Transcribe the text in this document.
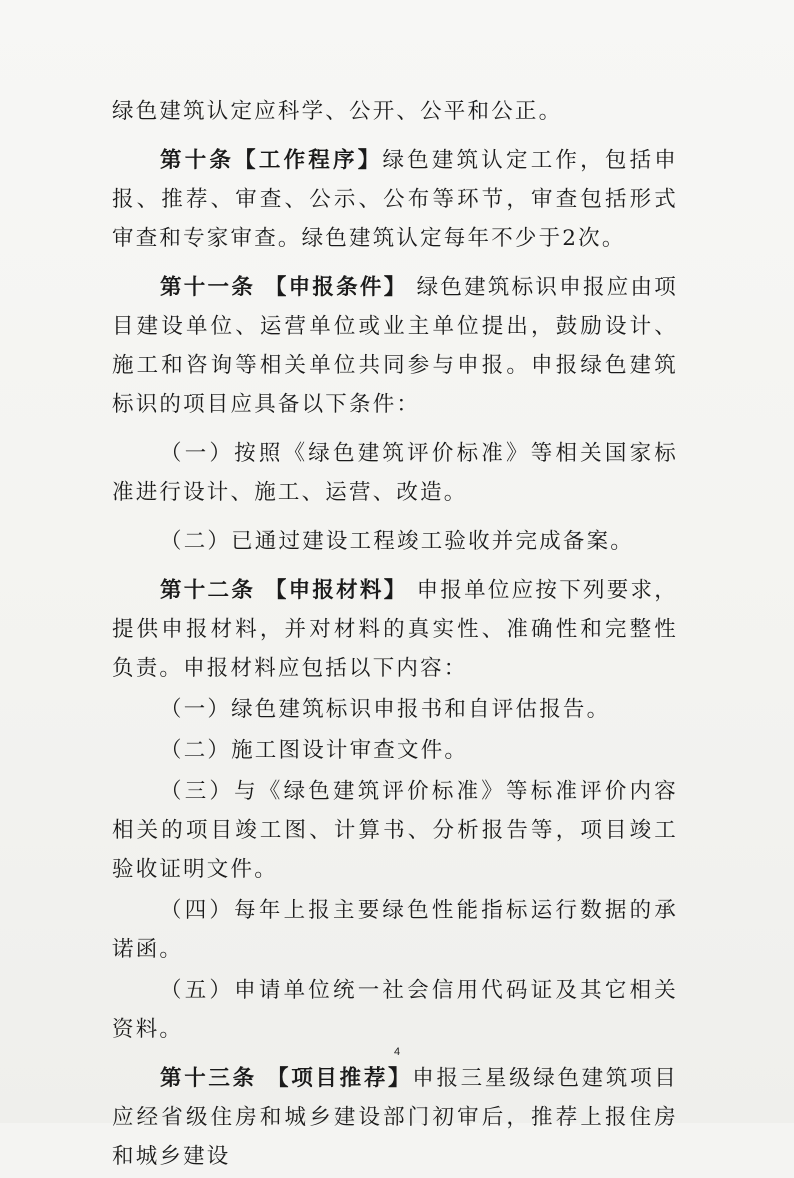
绿色建筑认定应科学、公开、公平和公正。

第十条【工作程序】绿色建筑认定工作，包括申报、推荐、审查、公示、公布等环节，审查包括形式审查和专家审查。绿色建筑认定每年不少于2次。

第十一条 【申报条件】 绿色建筑标识申报应由项目建设单位、运营单位或业主单位提出，鼓励设计、施工和咨询等相关单位共同参与申报。申报绿色建筑标识的项目应具备以下条件：

（一）按照《绿色建筑评价标准》等相关国家标准进行设计、施工、运营、改造。

（二）已通过建设工程竣工验收并完成备案。

第十二条 【申报材料】 申报单位应按下列要求，提供申报材料，并对材料的真实性、准确性和完整性负责。申报材料应包括以下内容：

（一）绿色建筑标识申报书和自评估报告。

（二）施工图设计审查文件。

（三）与《绿色建筑评价标准》等标准评价内容相关的项目竣工图、计算书、分析报告等，项目竣工验收证明文件。

（四）每年上报主要绿色性能指标运行数据的承诺函。

（五）申请单位统一社会信用代码证及其它相关资料。

第十三条 【项目推荐】申报三星级绿色建筑项目应经省级住房和城乡建设部门初审后，推荐上报住房和城乡建设

4
